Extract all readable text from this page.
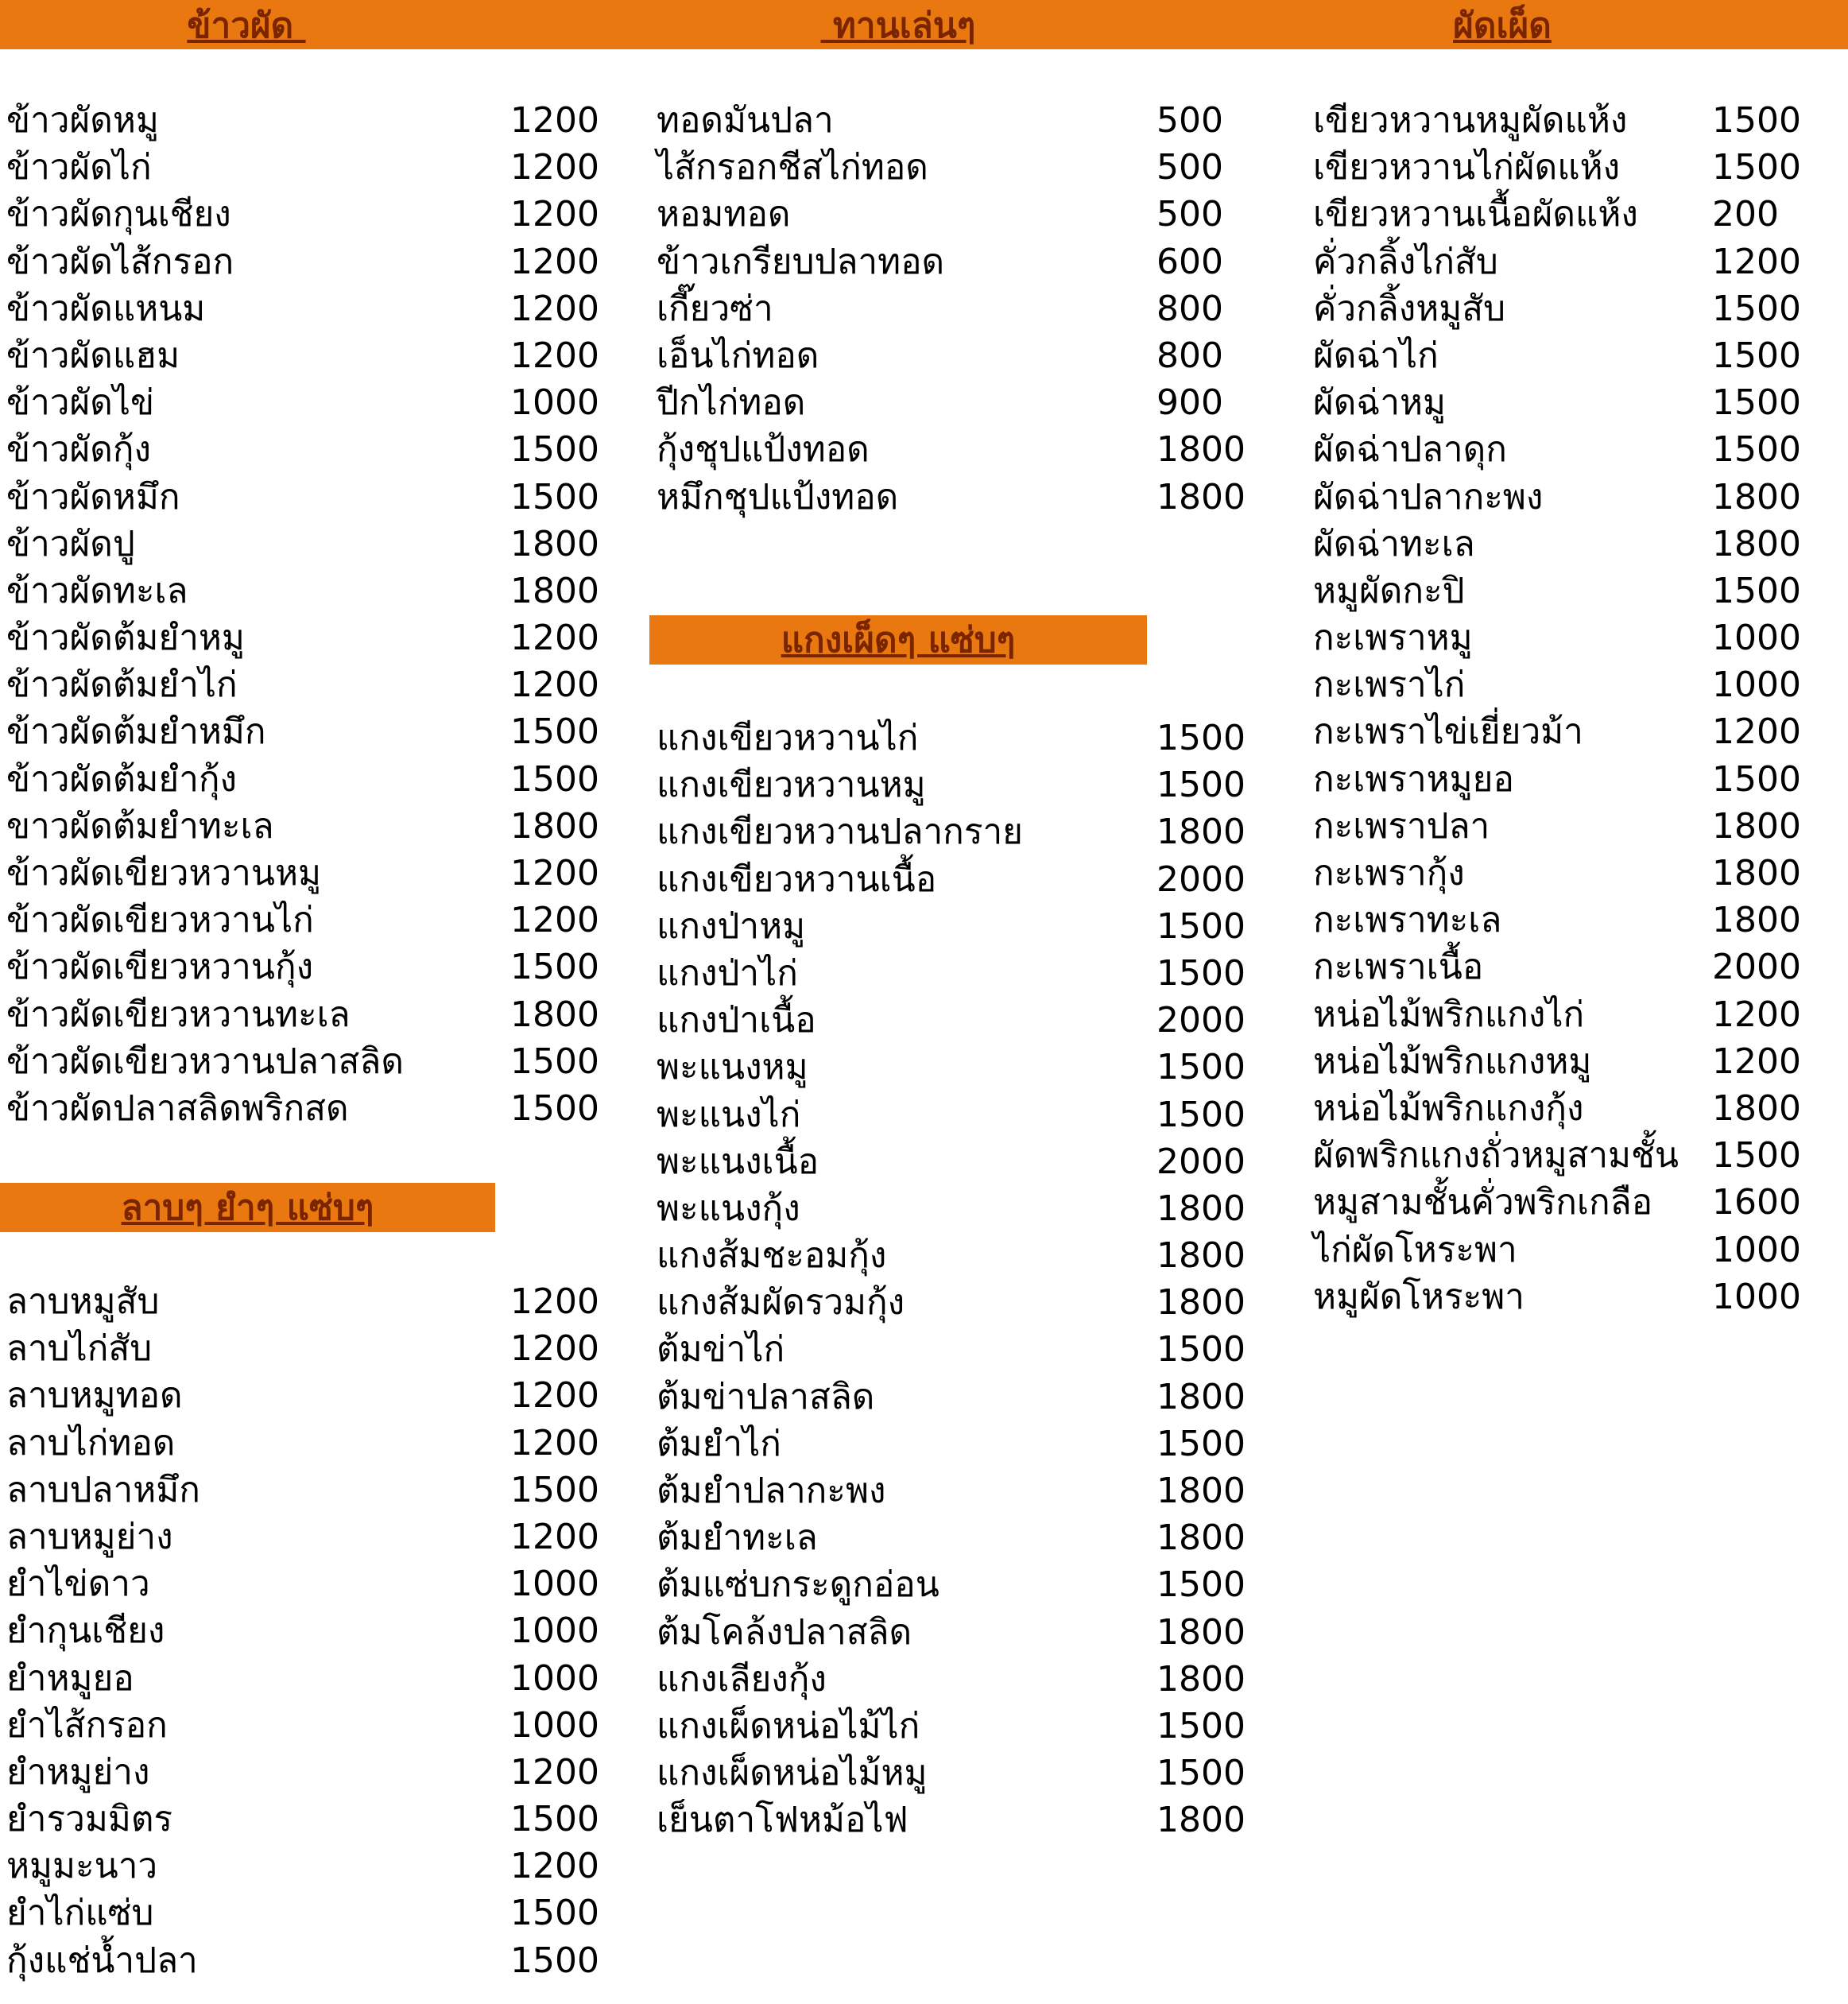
ข้าวผัด	ทานเล่นๆ	ผัดเผ็ด
ข้าวผัดหมู	1200
ข้าวผัดไก่	1200
ข้าวผัดกุนเชียง	1200
ข้าวผัดไส้กรอก	1200
ข้าวผัดแหนม	1200
ข้าวผัดแฮม	1200
ข้าวผัดไข่	1000
ข้าวผัดกุ้ง	1500
ข้าวผัดหมึก	1500
ข้าวผัดปู	1800
ข้าวผัดทะเล	1800
ข้าวผัดต้มยำหมู	1200
ข้าวผัดต้มยำไก่	1200
ข้าวผัดต้มยำหมึก	1500
ข้าวผัดต้มยำกุ้ง	1500
ขาวผัดต้มยำทะเล	1800
ข้าวผัดเขียวหวานหมู	1200
ข้าวผัดเขียวหวานไก่	1200
ข้าวผัดเขียวหวานกุ้ง	1500
ข้าวผัดเขียวหวานทะเล	1800
ข้าวผัดเขียวหวานปลาสลิด	1500
ข้าวผัดปลาสลิดพริกสด	1500
ลาบๆ ยำๆ แซ่บๆ
ลาบหมูสับ	1200
ลาบไก่สับ	1200
ลาบหมูทอด	1200
ลาบไก่ทอด	1200
ลาบปลาหมึก	1500
ลาบหมูย่าง	1200
ยำไข่ดาว	1000
ยำกุนเชียง	1000
ยำหมูยอ	1000
ยำไส้กรอก	1000
ยำหมูย่าง	1200
ยำรวมมิตร	1500
หมูมะนาว	1200
ยำไก่แซ่บ	1500
กุ้งแช่น้ำปลา	1500
ทอดมันปลา	500
ไส้กรอกชีสไก่ทอด	500
หอมทอด	500
ข้าวเกรียบปลาทอด	600
เกี๊ยวซ่า	800
เอ็นไก่ทอด	800
ปีกไก่ทอด	900
กุ้งชุปแป้งทอด	1800
หมึกชุปแป้งทอด	1800
แกงเผ็ดๆ แซ่บๆ
แกงเขียวหวานไก่	1500
แกงเขียวหวานหมู	1500
แกงเขียวหวานปลากราย	1800
แกงเขียวหวานเนื้อ	2000
แกงป่าหมู	1500
แกงป่าไก่	1500
แกงป่าเนื้อ	2000
พะแนงหมู	1500
พะแนงไก่	1500
พะแนงเนื้อ	2000
พะแนงกุ้ง	1800
แกงส้มชะอมกุ้ง	1800
แกงส้มผัดรวมกุ้ง	1800
ต้มข่าไก่	1500
ต้มข่าปลาสลิด	1800
ต้มยำไก่	1500
ต้มยำปลากะพง	1800
ต้มยำทะเล	1800
ต้มแซ่บกระดูกอ่อน	1500
ต้มโคล้งปลาสลิด	1800
แกงเลียงกุ้ง	1800
แกงเผ็ดหน่อไม้ไก่	1500
แกงเผ็ดหน่อไม้หมู	1500
เย็นตาโฟหม้อไฟ	1800
เขียวหวานหมูผัดแห้ง 1500
เขียวหวานไก่ผัดแห้ง	1500
เขียวหวานเนื้อผัดแห้ง 200
คั่วกลิ้งไก่สับ	1200
คั่วกลิ้งหมูสับ	1500
ผัดฉ่าไก่	1500
ผัดฉ่าหมู	1500
ผัดฉ่าปลาดุก	1500
ผัดฉ่าปลากะพง	1800
ผัดฉ่าทะเล	1800
หมูผัดกะปิ	1500
กะเพราหมู	1000
กะเพราไก่	1000
กะเพราไข่เยี่ยวม้า	1200
กะเพราหมูยอ	1500
กะเพราปลา	1800
กะเพรากุ้ง	1800
กะเพราทะเล	1800
กะเพราเนื้อ	2000
หน่อไม้พริกแกงไก่	1200
หน่อไม้พริกแกงหมู	1200
หน่อไม้พริกแกงกุ้ง	1800
ผัดพริกแกงถั่วหมูสามชั้น 1500
หมูสามชั้นคั่วพริกเกลือ 1600
ไก่ผัดโหระพา	1000
หมูผัดโหระพา	1000
